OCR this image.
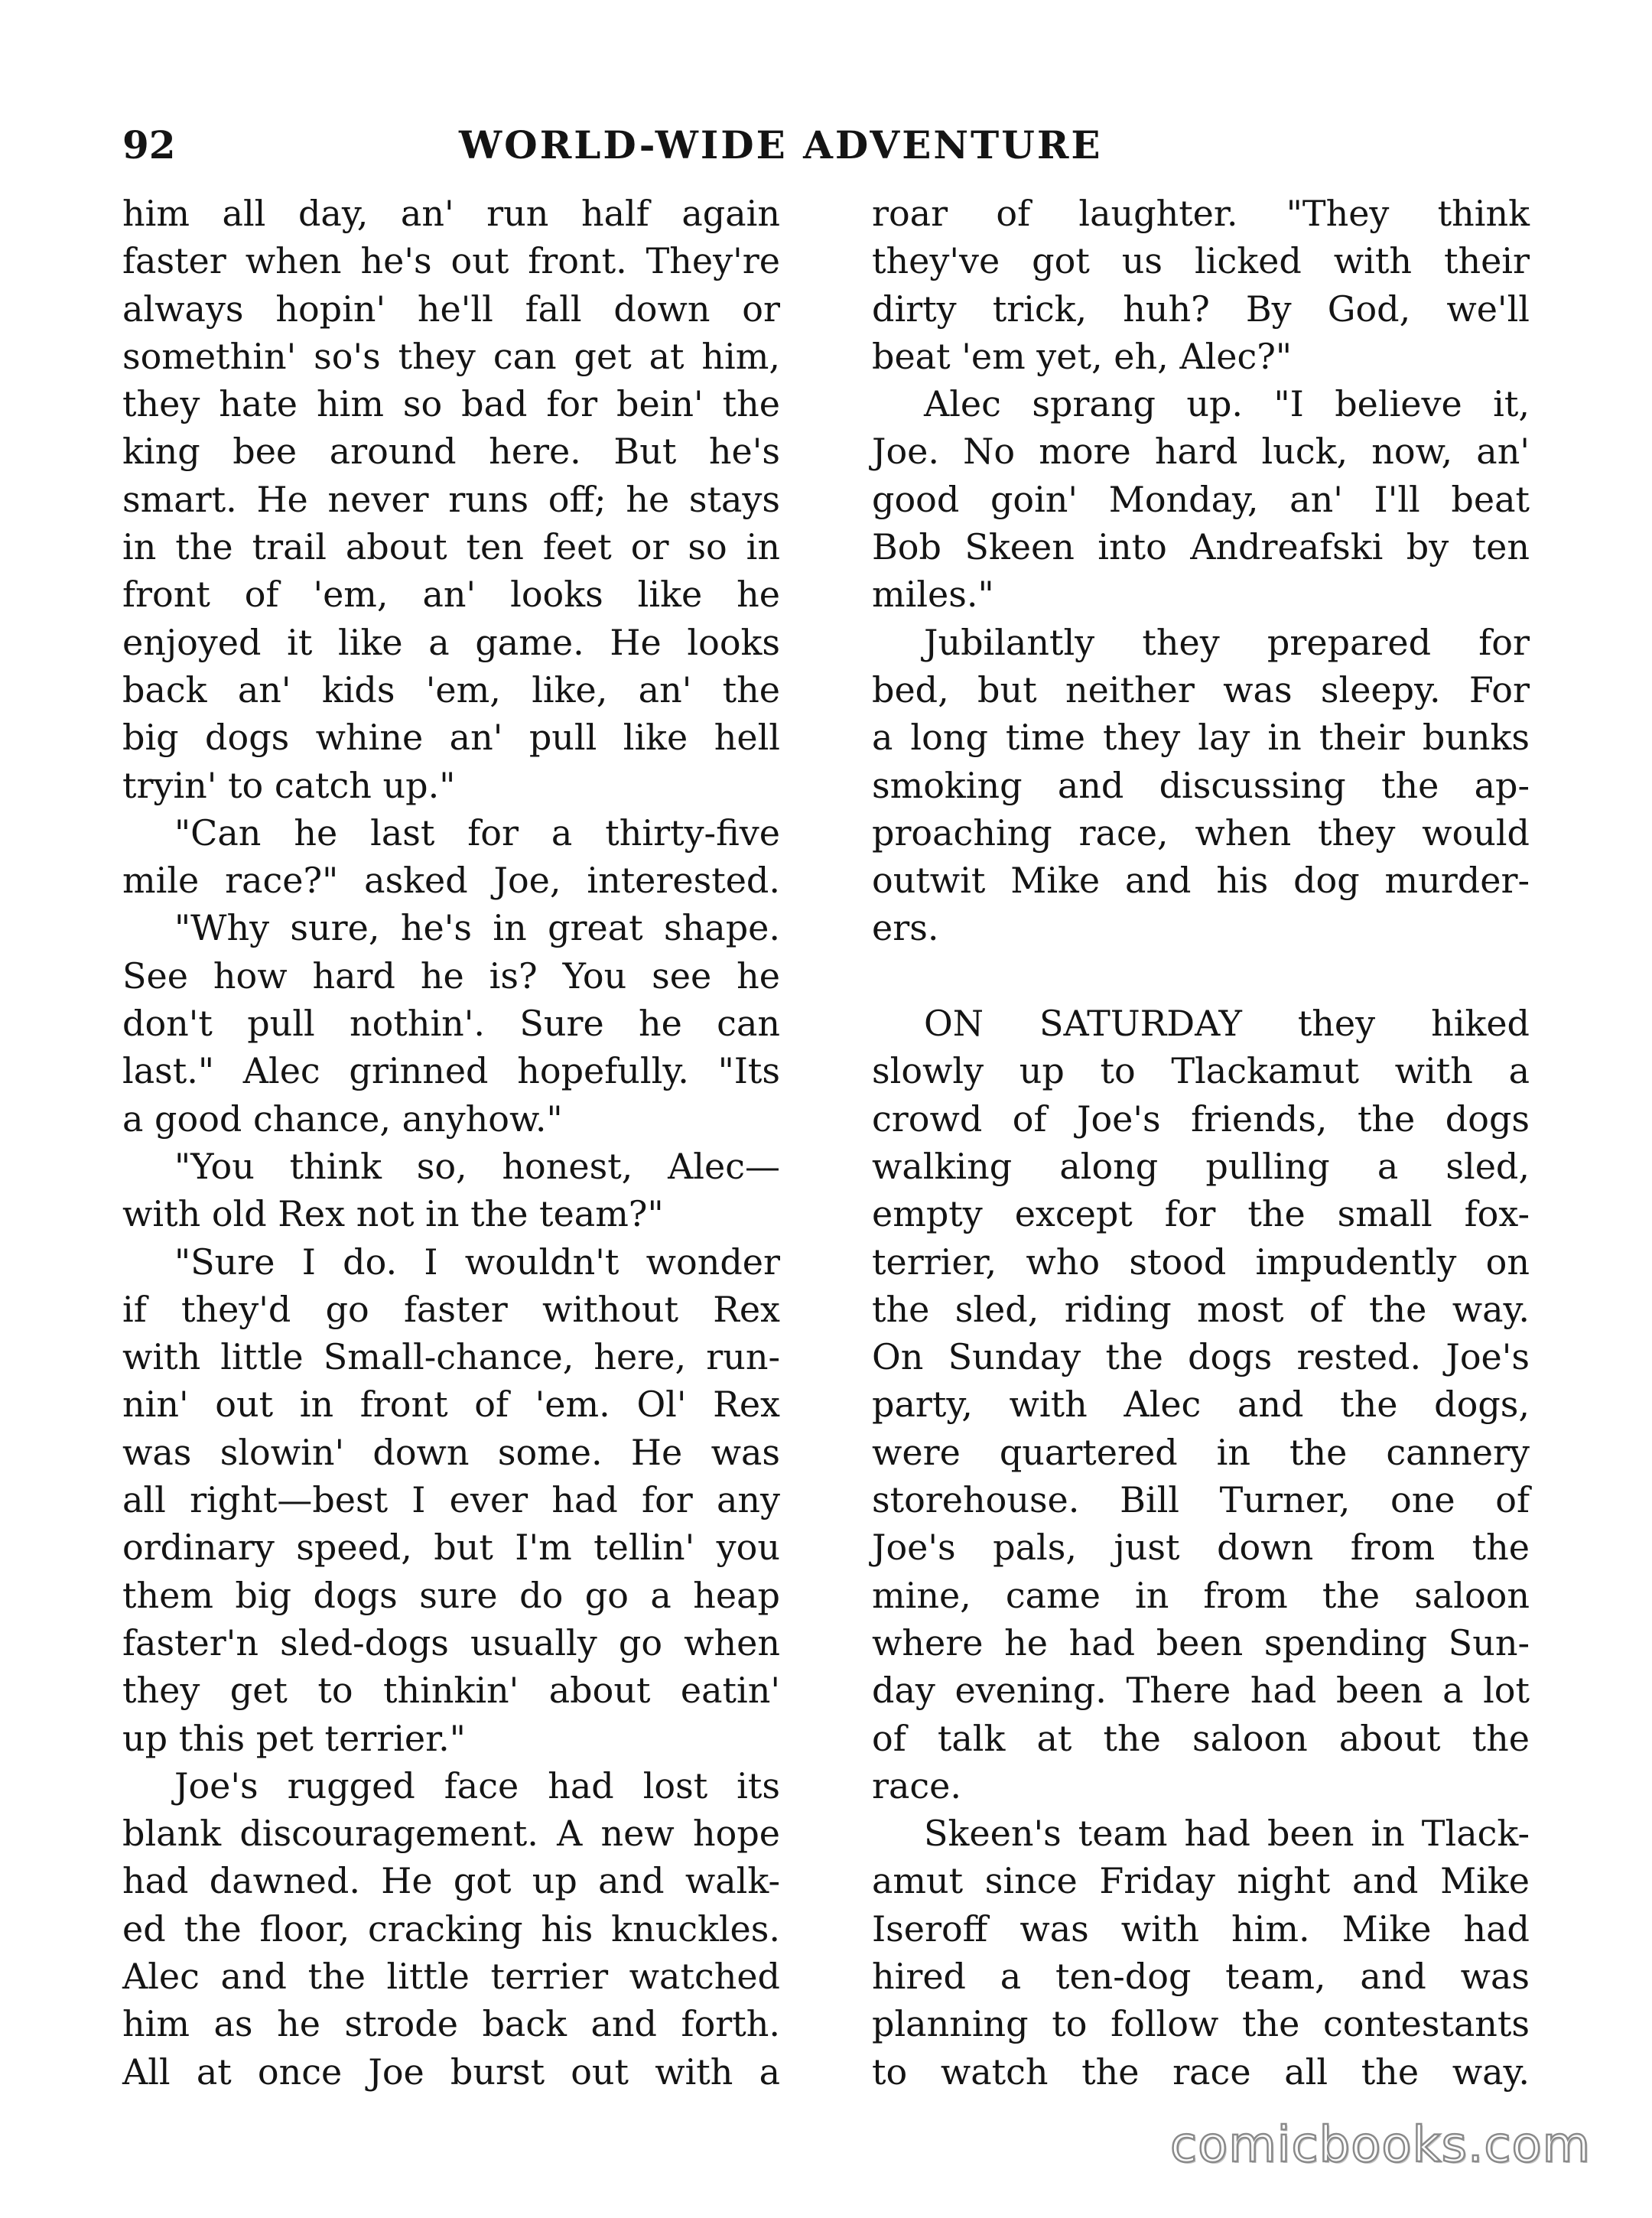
92	WORLD-WIDE ADVENTURE
him all day, an' run half again
faster when he's out front. They're
always hopin' he'll fall down or
somethin' so's they can get at him,
they hate him so bad for bein' the
king bee around here. But he's
smart. He never runs off; he stays
in the trail about ten feet or so in
front of 'em, an' looks like he
enjoyed it like a game. He looks
back an' kids 'em, like, an' the
big dogs whine an' pull like hell
tryin' to catch up."
"Can he last for a thirty-five
mile race?" asked Joe, interested.
"Why sure, he's in great shape.
See how hard he is? You see he
don't pull nothin'. Sure he can
last." Alec grinned hopefully. "Its
a good chance, anyhow."
"You think so, honest, Alec—
with old Rex not in the team?"
"Sure I do. I wouldn't wonder
if they'd go faster without Rex
with little Small-chance, here, run-
nin' out in front of 'em. Ol' Rex
was slowin' down some. He was
all right—best I ever had for any
ordinary speed, but I'm tellin' you
them big dogs sure do go a heap
faster'n sled-dogs usually go when
they get to thinkin' about eatin'
up this pet terrier."
Joe's rugged face had lost its
blank discouragement. A new hope
had dawned. He got up and walk-
ed the floor, cracking his knuckles.
Alec and the little terrier watched
him as he strode back and forth.
All at once Joe burst out with a
roar of laughter. "They think
they've got us licked with their
dirty trick, huh? By God, we'll
beat 'em yet, eh, Alec?"
Alec sprang up. "I believe it,
Joe. No more hard luck, now, an'
good goin' Monday, an' I'll beat
Bob Skeen into Andreafski by ten
miles."
Jubilantly they prepared for
bed, but neither was sleepy. For
a long time they lay in their bunks
smoking and discussing the ap-
proaching race, when they would
outwit Mike and his dog murder-
ers.
ON SATURDAY they hiked
slowly up to Tlackamut with a
crowd of Joe's friends, the dogs
walking along pulling a sled,
empty except for the small fox-
terrier, who stood impudently on
the sled, riding most of the way.
On Sunday the dogs rested. Joe's
party, with Alec and the dogs,
were quartered in the cannery
storehouse. Bill Turner, one of
Joe's pals, just down from the
mine, came in from the saloon
where he had been spending Sun-
day evening. There had been a lot
of talk at the saloon about the
race.
Skeen's team had been in Tlack-
amut since Friday night and Mike
Iseroff was with him. Mike had
hired a ten-dog team, and was
planning to follow the contestants
to watch the race all the way.
comicbooks.com
